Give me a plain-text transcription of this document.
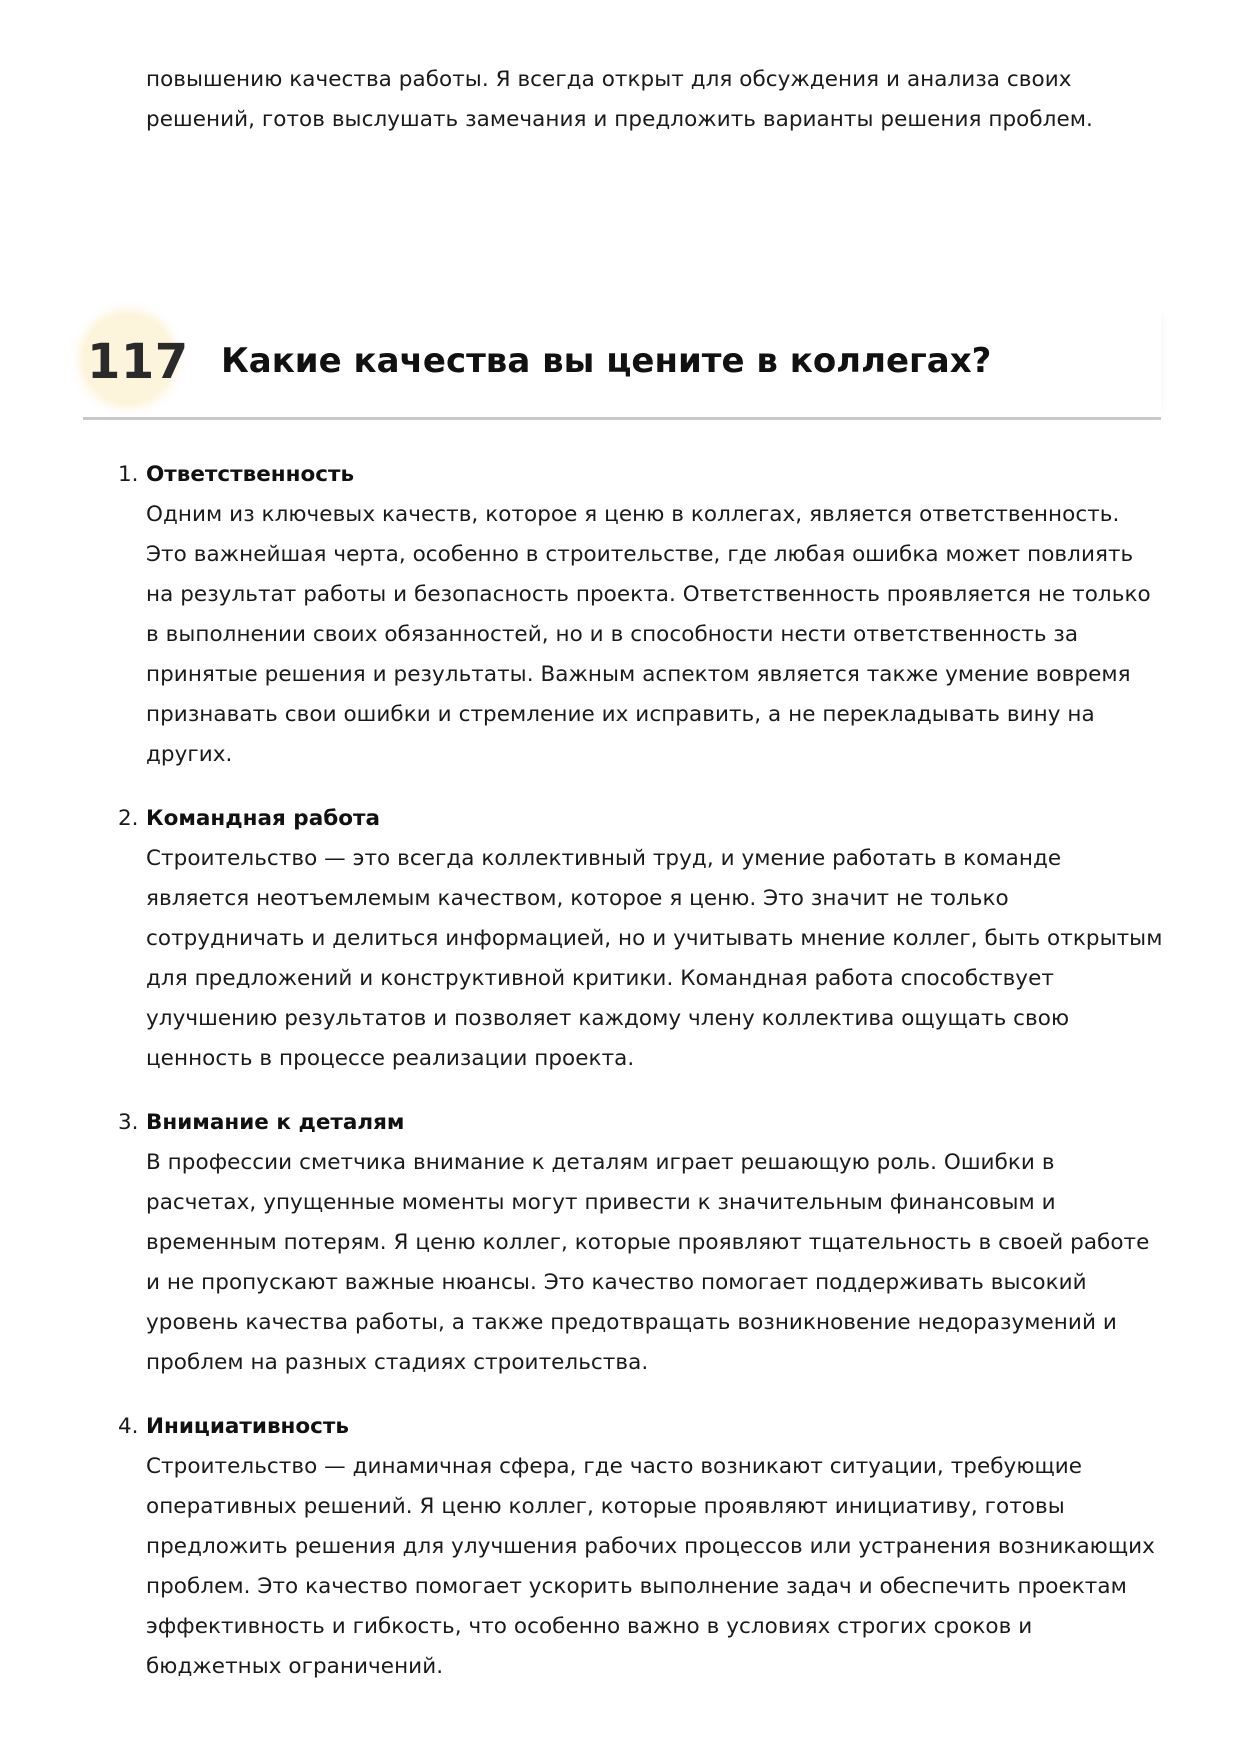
повышению качества работы. Я всегда открыт для обсуждения и анализа своих решений, готов выслушать замечания и предложить варианты решения проблем.

117 Какие качества вы цените в коллегах?
1. Ответственность

Одним из ключевых качеств, которое я ценю в коллегах, является ответственность. Это важнейшая черта, особенно в строительстве, где любая ошибка может повлиять на результат работы и безопасность проекта. Ответственность проявляется не только в выполнении своих обязанностей, но и в способности нести ответственность за принятые решения и результаты. Важным аспектом является также умение вовремя признавать свои ошибки и стремление их исправить, а не перекладывать вину на других.

2. Командная работа

Строительство — это всегда коллективный труд, и умение работать в команде является неотъемлемым качеством, которое я ценю. Это значит не только сотрудничать и делиться информацией, но и учитывать мнение коллег, быть открытым для предложений и конструктивной критики. Командная работа способствует улучшению результатов и позволяет каждому члену коллектива ощущать свою ценность в процессе реализации проекта.

3. Внимание к деталям

В профессии сметчика внимание к деталям играет решающую роль. Ошибки в расчетах, упущенные моменты могут привести к значительным финансовым и временным потерям. Я ценю коллег, которые проявляют тщательность в своей работе и не пропускают важные нюансы. Это качество помогает поддерживать высокий уровень качества работы, а также предотвращать возникновение недоразумений и проблем на разных стадиях строительства.

4. Инициативность

Строительство — динамичная сфера, где часто возникают ситуации, требующие оперативных решений. Я ценю коллег, которые проявляют инициативу, готовы предложить решения для улучшения рабочих процессов или устранения возникающих проблем. Это качество помогает ускорить выполнение задач и обеспечить проектам эффективность и гибкость, что особенно важно в условиях строгих сроков и бюджетных ограничений.
